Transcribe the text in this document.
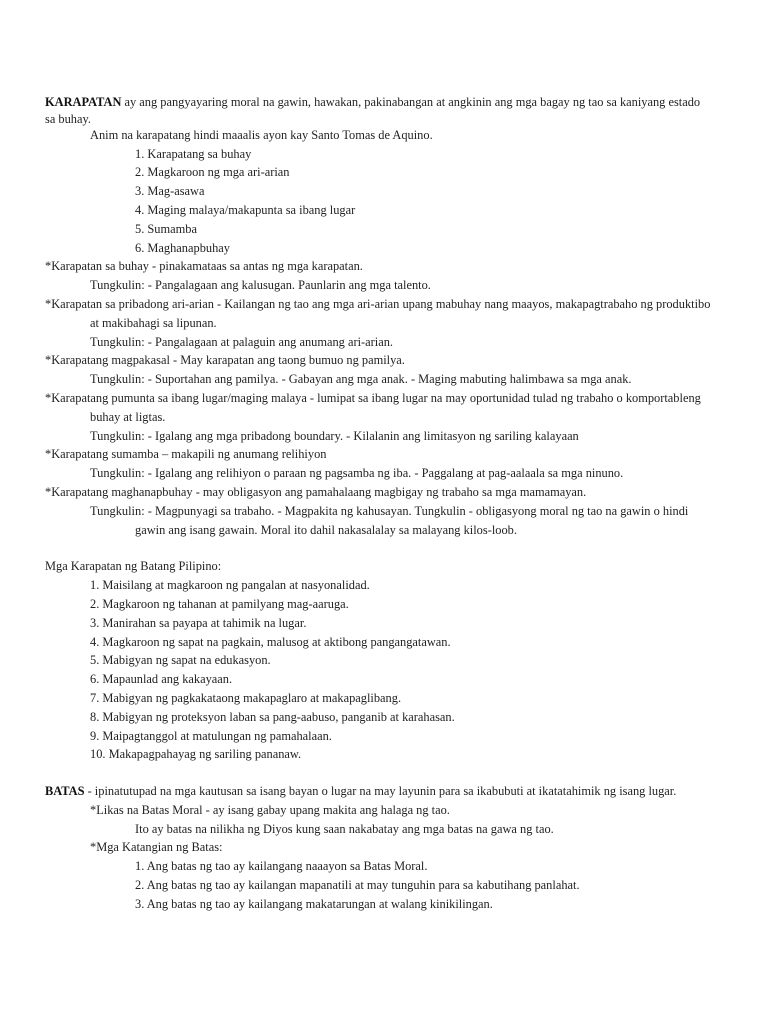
KARAPATAN ay ang pangyayaring moral na gawin, hawakan, pakinabangan at angkinin ang mga bagay ng tao sa kaniyang estado
sa buhay.
Anim na karapatang hindi maaalis ayon kay Santo Tomas de Aquino.
1. Karapatang sa buhay
2. Magkaroon ng mga ari-arian
3. Mag-asawa
4. Maging malaya/makapunta sa ibang lugar
5. Sumamba
6. Maghanapbuhay
*Karapatan sa buhay - pinakamataas sa antas ng mga karapatan.
Tungkulin: - Pangalagaan ang kalusugan. Paunlarin ang mga talento.
*Karapatan sa pribadong ari-arian - Kailangan ng tao ang mga ari-arian upang mabuhay nang maayos, makapagtrabaho ng produktibo
at makibahagi sa lipunan.
Tungkulin: - Pangalagaan at palaguin ang anumang ari-arian.
*Karapatang magpakasal - May karapatan ang taong bumuo ng pamilya.
Tungkulin: - Suportahan ang pamilya. - Gabayan ang mga anak. - Maging mabuting halimbawa sa mga anak.
*Karapatang pumunta sa ibang lugar/maging malaya - lumipat sa ibang lugar na may oportunidad tulad ng trabaho o komportableng
buhay at ligtas.
Tungkulin: - Igalang ang mga pribadong boundary. - Kilalanin ang limitasyon ng sariling kalayaan
*Karapatang sumamba – makapili ng anumang relihiyon
Tungkulin: - Igalang ang relihiyon o paraan ng pagsamba ng iba. - Paggalang at pag-aalaala sa mga ninuno.
*Karapatang maghanapbuhay - may obligasyon ang pamahalaang magbigay ng trabaho sa mga mamamayan.
Tungkulin: - Magpunyagi sa trabaho. - Magpakita ng kahusayan. Tungkulin - obligasyong moral ng tao na gawin o hindi
gawin ang isang gawain. Moral ito dahil nakasalalay sa malayang kilos-loob.
Mga Karapatan ng Batang Pilipino:
1. Maisilang at magkaroon ng pangalan at nasyonalidad.
2. Magkaroon ng tahanan at pamilyang mag-aaruga.
3. Manirahan sa payapa at tahimik na lugar.
4. Magkaroon ng sapat na pagkain, malusog at aktibong pangangatawan.
5. Mabigyan ng sapat na edukasyon.
6. Mapaunlad ang kakayaan.
7. Mabigyan ng pagkakataong makapaglaro at makapaglibang.
8. Mabigyan ng proteksyon laban sa pang-aabuso, panganib at karahasan.
9. Maipagtanggol at matulungan ng pamahalaan.
10. Makapagpahayag ng sariling pananaw.
BATAS - ipinatutupad na mga kautusan sa isang bayan o lugar na may layunin para sa ikabubuti at ikatatahimik ng isang lugar.
*Likas na Batas Moral - ay isang gabay upang makita ang halaga ng tao.
Ito ay batas na nilikha ng Diyos kung saan nakabatay ang mga batas na gawa ng tao.
*Mga Katangian ng Batas:
1. Ang batas ng tao ay kailangang naaayon sa Batas Moral.
2. Ang batas ng tao ay kailangan mapanatili at may tunguhin para sa kabutihang panlahat.
3. Ang batas ng tao ay kailangang makatarungan at walang kinikilingan.
